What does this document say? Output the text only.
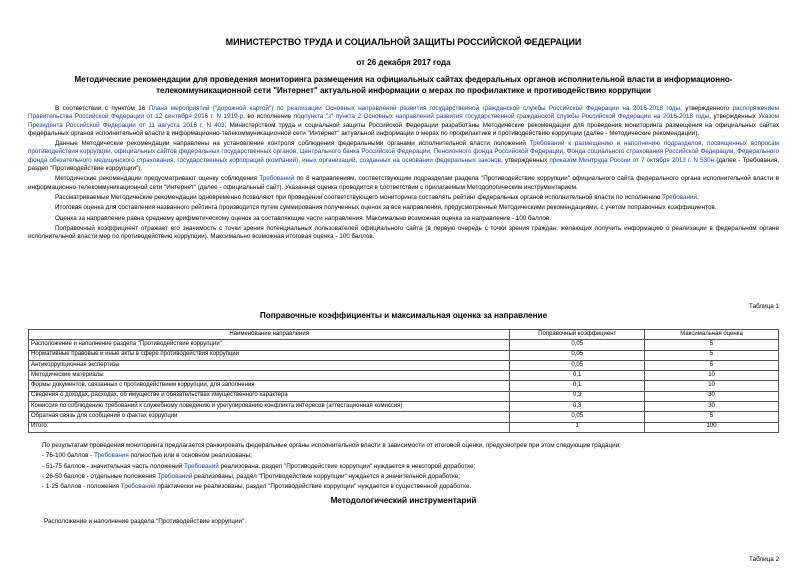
МИНИСТЕРСТВО ТРУДА И СОЦИАЛЬНОЙ ЗАЩИТЫ РОССИЙСКОЙ ФЕДЕРАЦИИ
от 26 декабря 2017 года
Методические рекомендации для проведения мониторинга размещения на официальных сайтах федеральных органов исполнительной власти в информационно-телекоммуникационной сети "Интернет" актуальной информации о мерах по профилактике и противодействию коррупции

В соответствии с пунктом 16 Плана мероприятий ("дорожной картой") по реализации Основных направлений развития государственной гражданской службы Российской Федерации на 2016-2018 годы, утвержденного распоряжением Правительства Российской Федерации от 12 сентября 2016 г. N 1919-р, во исполнение подпункта "з" пункта 2 Основных направлений развития государственной гражданской службы Российской Федерации на 2016-2018 годы, утвержденных Указом Президента Российской Федерации от 11 августа 2016 г. N 403, Министерством труда и социальной защиты Российской Федерации разработаны Методические рекомендации для проведения мониторинга размещения на официальных сайтах федеральных органов исполнительной власти в информационно-телекоммуникационной сети "Интернет" актуальной информации о мерах по профилактике и противодействию коррупции (далее - Методические рекомендации).

Данные Методические рекомендации направлены на установление контроля соблюдения федеральными органами исполнительной власти положений Требований к размещению и наполнению подразделов, посвященных вопросам противодействия коррупции, официальных сайтов федеральных государственных органов, Центрального банка Российской Федерации, Пенсионного фонда Российской Федерации, Фонда социального страхования Российской Федерации, Федерального фонда обязательного медицинского страхования, государственных корпораций (компаний), иных организаций, созданных на основании федеральных законов, утвержденных приказом Минтруда России от 7 октября 2013 г. N 530н (далее - Требования, раздел "Противодействие коррупции").

Методические рекомендации предусматривают оценку соблюдения Требований по 8 направлениям, соответствующим подразделам раздела "Противодействие коррупции" официального сайта федерального органа исполнительной власти в информационно-телекоммуникационной сети "Интернет" (далее - официальный сайт). Указанная оценка проводится в соответствии с прилагаемым Методологическим инструментарием.

Рассматриваемые Методические рекомендации одновременно позволяют при проведении соответствующего мониторинга составлять рейтинг федеральных органов исполнительной власти по исполнению Требований.

Итоговая оценка для составления названного рейтинга производится путем суммирования полученных оценок за все направления, предусмотренные Методическими рекомендациями, с учетом поправочных коэффициентов.

Оценка за направление равна среднему арифметическому оценок за составляющие части направления. Максимально возможная оценка за направление - 100 баллов.

Поправочный коэффициент отражает его значимость с точки зрения потенциальных пользователей официального сайта (в первую очередь с точки зрения граждан, желающих получить информацию о реализации в федеральном органе исполнительной власти мер по противодействию коррупции). Максимально возможная итоговая оценка - 100 баллов.

Таблица 1
Поправочные коэффициенты и максимальная оценка за направление
Наименование направления	Поправочный коэффициент	Максимальная оценка
Расположение и наполнение раздела "Противодействие коррупции"	0,05	5
Нормативные правовые и иные акты в сфере противодействия коррупции	0,05	5
Антикоррупционная экспертиза	0,05	5
Методические материалы	0,1	10
Формы документов, связанных с противодействием коррупции, для заполнения	0,1	10
Сведения о доходах, расходах, об имуществе и обязательствах имущественного характера	0,3	30
Комиссия по соблюдению требований к служебному поведению и урегулированию конфликта интересов (аттестационная комиссия)	0,3	30
Обратная связь для сообщений о фактах коррупции	0,05	5
Итого:	1	100

По результатам проведения мониторинга предлагается ранжировать федеральные органы исполнительной власти в зависимости от итоговой оценки, предусмотрев при этом следующие градации:

- 76-100 баллов - Требования полностью или в основном реализованы;

- 51-75 баллов - значительная часть положений Требований реализована, раздел "Противодействие коррупции" нуждается в некоторой доработке;

- 26-50 баллов - отдельные положения Требований реализованы, раздел "Противодействие коррупции" нуждается в значительной доработке;

- 1-25 баллов - положения Требований практически не реализованы, раздел "Противодействие коррупции" нуждается в существенной доработке.

Методологический инструментарий
Расположение и наполнение раздела "Противодействие коррупции".
Таблица 2
